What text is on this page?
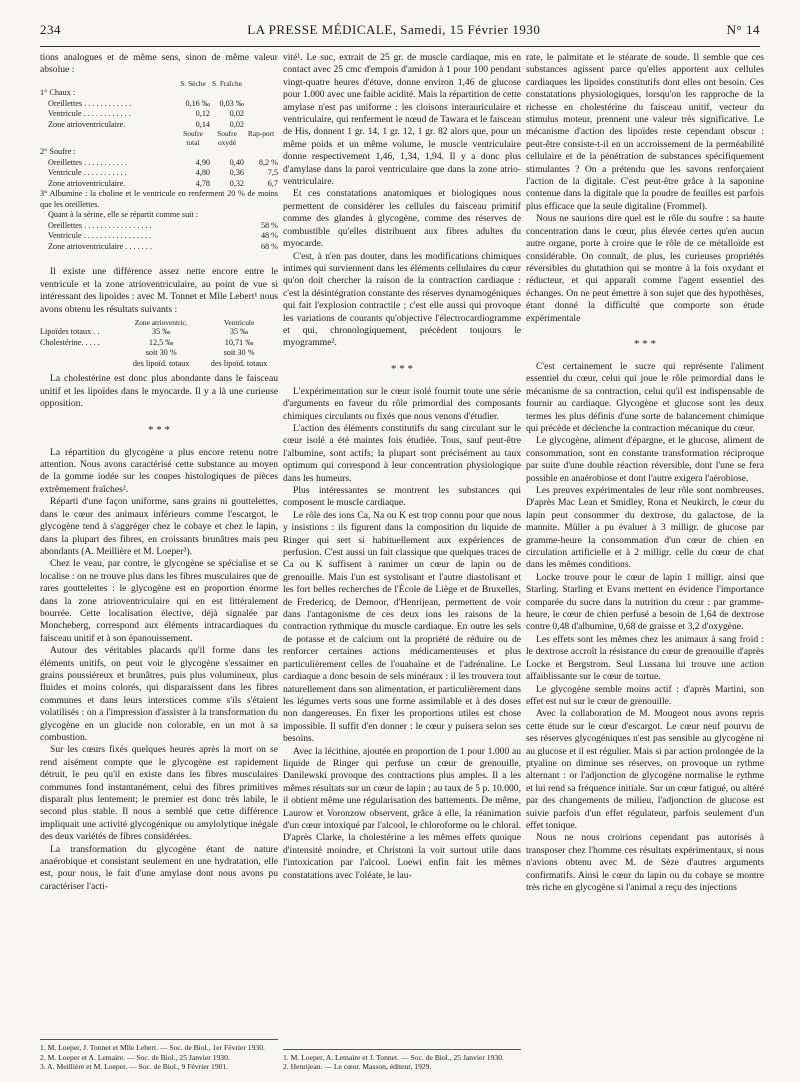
234	LA PRESSE MÉDICALE, Samedi, 15 Février 1930	N° 14

tions analogues et de même sens, sinon de même valeur absolue :

	S. Sèche	S. Fraîche	
1° Chaux :			
Oreillettes . . . . . . . . . . . .	0,16 ‰	0,03 ‰	
Ventricule . . . . . . . . . . . .	0,12	0,02	
Zone atrioventriculaire.	0,14	0,02	
	Soufre total	Soufre oxydé	Rap-port
2° Soufre :			
Oreillettes . . . . . . . . . . .	4,90	0,40	8,2 %
Ventricule . . . . . . . . . . .	4,80	0,36	7,5
Zone atrioventriculaire.	4,78	0,32	6,7
3° Albumine : la choline et le ventricule en renferment 20 % de moins que les oreillettes.			
Quant à la sérine, elle se répartit comme suit :			
Oreillettes . . . . . . . . . . . . . . . . .			58 %
Ventricule . . . . . . . . . . . . . . . . .			48 %
Zone atrioventriculaire . . . . . . .			68 %

Il existe une différence assez nette encore entre le ventricule et la zone atrioventriculaire, au point de vue si intéressant des lipoïdes : avec M. Tonnet et Mlle Lebert¹ nous avons obtenu les résultats suivants :

	Zone atrioventric.	Ventricule
Lipoïdes totaux . .	35 ‰	35 ‰
Cholestérine. . . . .	12,5 ‰	10,71 ‰
	soit 30 %	soit 30 %
	des lipoïd. totaux	des lipoïd. totaux

La cholestérine est donc plus abondante dans le faisceau unitif et les lipoïdes dans le myocarde. Il y a là une curieuse opposition.

* * *

La répartition du glycogène a plus encore retenu notre attention. Nous avons caractérisé cette substance au moyen de la gomme iodée sur les coupes histologiques de pièces extrêmement fraîches².

Réparti d'une façon uniforme, sans grains ni gouttelettes, dans le cœur des animaux inférieurs comme l'escargot, le glycogène tend à s'aggréger chez le cobaye et chez le lapin, dans la plupart des fibres, en croissants brunâtres mais peu abondants (A. Meillière et M. Loeper³).

Chez le veau, par contre, le glycogène se spécialise et se localise : on ne trouve plus dans les fibres musculaires que de rares gouttelettes : le glycogène est en proportion énorme dans la zone atrioventriculaire qui en est littéralement bourrée. Cette localisation élective, déjà signalée par Moncheberg, correspond aux éléments intracardiaques du faisceau unitif et à son épanouissement.

Autour des véritables placards qu'il forme dans les éléments unitifs, on peut voir le glycogène s'essaimer en grains poussiéreux et brunâtres, puis plus volumineux, plus fluides et moins colorés, qui disparaissent dans les fibres communes et dans leurs interstices comme s'ils s'étaient volatilisés : on a l'impression d'assister à la transformation du glycogène en un glucide non colorable, en un mot à sa combustion.

Sur les cœurs fixés quelques heures après la mort on se rend aisément compte que le glycogène est rapidement détruit, le peu qu'il en existe dans les fibres musculaires communes fond instantanément, celui des fibres primitives disparaît plus lentement; le premier est donc très labile, le second plus stable. Il nous a semblé que cette différence impliquait une activité glycogénique ou amylolytique inégale des deux variétés de fibres considérées.

La transformation du glycogène étant de nature anaérobique et consistant seulement en une hydratation, elle est, pour nous, le fait d'une amylase dont nous avons pu caractériser l'acti-

1. M. Loeper, J. Tonnet et Mlle Lebert. — Soc. de Biol., 1er Février 1930.
2. M. Loeper et A. Lemaire. — Soc. de Biol., 25 Janvier 1930.
3. A. Meillière et M. Loeper. — Soc. de Biol., 9 Février 1901.

vité¹. Le suc, extrait de 25 gr. de muscle cardiaque, mis en contact avec 25 cmc d'empois d'amidon à 1 pour 100 pendant vingt-quatre heures d'étuve, donne environ 1,46 de glucose pour 1.000 avec une faible acidité. Mais la répartition de cette amylase n'est pas uniforme : les cloisons interauriculaire et ventriculaire, qui renferment le nœud de Tawara et le faisceau de His, donnent 1 gr. 14, 1 gr. 12, 1 gr. 82 alors que, pour un même poids et un même volume, le muscle ventriculaire donne respectivement 1,46, 1,34, 1,94. Il y a donc plus d'amylase dans la paroi ventriculaire que dans la zone atrio-ventriculaire.

Et ces constatations anatomiques et biologiques nous permettent de considérer les cellules du faisceau primitif comme des glandes à glycogène, comme des réserves de combustible qu'elles distribuent aux fibres adultes du myocarde.

C'est, à n'en pas douter, dans les modifications chimiques intimes qui surviennent dans les éléments cellulaires du cœur qu'on doit chercher la raison de la contraction cardiaque : c'est la désintégration constante des réserves dynamogéniques qui fait l'explosion contractile ; c'est elle aussi qui provoque les variations de courants qu'objective l'électrocardiogramme et qui, chronologiquement, précèdent toujours le myogramme².

* * *

L'expérimentation sur le cœur isolé fournit toute une série d'arguments en faveur du rôle primordial des composants chimiques circulants ou fixés que nous venons d'étudier.

L'action des éléments constitutifs du sang circulant sur le cœur isolé a été maintes fois étudiée. Tous, sauf peut-être l'albumine, sont actifs; la plupart sont précisément au taux optimum qui correspond à leur concentration physiologique dans les humeurs.

Plus intéressantes se montrent les substances qui composent le muscle cardiaque.

Le rôle des ions Ca, Na ou K est trop connu pour que nous y insistions : ils figurent dans la composition du liquide de Ringer qui sert si habituellement aux expériences de perfusion. C'est aussi un fait classique que quelques traces de Ca ou K suffisent à ranimer un cœur de lapin ou de grenouille. Mais l'un est systolisant et l'autre diastolisant et les fort belles recherches de l'École de Liège et de Bruxelles, de Fredericq, de Demoor, d'Henrijean, permettent de voir dans l'antagonisme de ces deux ions les raisons de la contraction rythmique du muscle cardiaque. En outre les sels de potasse et de calcium ont la propriété de réduire ou de renforcer certaines actions médicamenteuses et plus particulièrement celles de l'ouabaïne et de l'adrénaline. Le cardiaque a donc besoin de sels minéraux : il les trouvera tout naturellement dans son alimentation, et particulièrement dans les légumes verts sous une forme assimilable et à des doses non dangereuses. En fixer les proportions utiles est chose impossible. Il suffit d'en donner : le cœur y puisera selon ses besoins.

Avec la lécithine, ajoutée en proportion de 1 pour 1.000 au liquide de Ringer qui perfuse un cœur de grenouille, Danilewski provoque des contractions plus amples. Il a les mêmes résultats sur un cœur de lapin ; au taux de 5 p. 10.000, il obtient même une régularisation des battements. De même, Laurow et Voronzow observent, grâce à elle, la réanimation d'un cœur intoxiqué par l'alcool, le chloroforme ou le chloral. D'après Clarke, la cholestérine a les mêmes effets quoique d'intensité moindre, et Christoni la voit surtout utile dans l'intoxication par l'alcool. Loewi enfin fait les mêmes constatations avec l'oléate, le lau-

1. M. Loeper, A. Lemaire et J. Tonnet. — Soc. de Biol., 25 Janvier 1930.
2. Henrijean. — Le cœur. Masson, éditeur, 1929.

rate, le palmitate et le stéarate de soude. Il semble que ces substances agissent parce qu'elles apportent aux cellules cardiaques les lipoïdes constitutifs dont elles ont besoin. Ces constatations physiologiques, lorsqu'on les rapproche de la richesse en cholestérine du faisceau unitif, vecteur du stimulus moteur, prennent une valeur très significative. Le mécanisme d'action des lipoïdes reste cependant obscur : peut-être consiste-t-il en un accroissement de la perméabilité cellulaire et de la pénétration de substances spécifiquement stimulantes ? On a prétendu que les savons renforçaient l'action de la digitale. C'est peut-être grâce à la saponine contenue dans la digitale que la poudre de feuilles est parfois plus efficace que la seule digitaline (Frommel).

Nous ne saurions dire quel est le rôle du soufre : sa haute concentration dans le cœur, plus élevée certes qu'en aucun autre organe, porte à croire que le rôle de ce métalloïde est considérable. On connaît, de plus, les curieuses propriétés réversibles du glutathion qui se montre à la fois oxydant et réducteur, et qui apparaît comme l'agent essentiel des échanges. On ne peut émettre à son sujet que des hypothèses, étant donné la difficulté que comporte son étude expérimentale

* * *

C'est certainement le sucre qui représente l'aliment essentiel du cœur, celui qui joue le rôle primordial dans le mécanisme de sa contraction, celui qu'il est indispensable de fournir au cardiaque. Glycogène et glucose sont les deux termes les plus définis d'une sorte de balancement chimique qui précède et déclenche la contraction mécanique du cœur.

Le glycogène, aliment d'épargne, et le glucose, aliment de consommation, sont en constante transformation réciproque par suite d'une double réaction réversible, dont l'une se fera possible en anaérobiose et dont l'autre exigera l'aérobiose.

Les preuves expérimentales de leur rôle sont nombreuses. D'après Mac Lean et Smidley, Rona et Neukirch, le cœur du lapin peut consommer du dextrose, du galactose, de la mannite. Müller a pu évaluer à 3 milligr. de glucose par gramme-heure la consommation d'un cœur de chien en circulation artificielle et à 2 milligr. celle du cœur de chat dans les mêmes conditions.

Locke trouve pour le cœur de lapin 1 milligr. ainsi que Starling. Starling et Evans mettent en évidence l'importance comparée du sucre dans la nutrition du cœur : par gramme-heure, le cœur de chien perfusé a besoin de 1,64 de dextrose contre 0,48 d'albumine, 0,68 de graisse et 3,2 d'oxygène.

Les effets sont les mêmes chez les animaux à sang froid : le dextrose accroît la résistance du cœur de grenouille d'après Locke et Bergstrom. Seul Lussana lui trouve une action affaiblissante sur le cœur de tortue.

Le glycogène semble moins actif : d'après Martini, son effet est nul sur le cœur de grenouille.

Avec la collaboration de M. Mougeot nous avons repris cette étude sur le cœur d'escargot. Le cœur neuf pourvu de ses réserves glycogéniques n'est pas sensible au glycogène ni au glucose et il est régulier. Mais si par action prolongée de la ptyaline on diminue ses réserves, on provoque un rythme alternant : or l'adjonction de glycogène normalise le rythme et lui rend sa fréquence initiale. Sur un cœur fatigué, ou altéré par des changements de milieu, l'adjonction de glucose est suivie parfois d'un effet régulateur, parfois seulement d'un effet tonique.

Nous ne nous croirions cependant pas autorisés à transposer chez l'homme ces résultats expérimentaux, si nous n'avions obtenu avec M. de Sèze d'autres arguments confirmatifs. Ainsi le cœur du lapin ou du cobaye se montre très riche en glycogène si l'animal a reçu des injections
